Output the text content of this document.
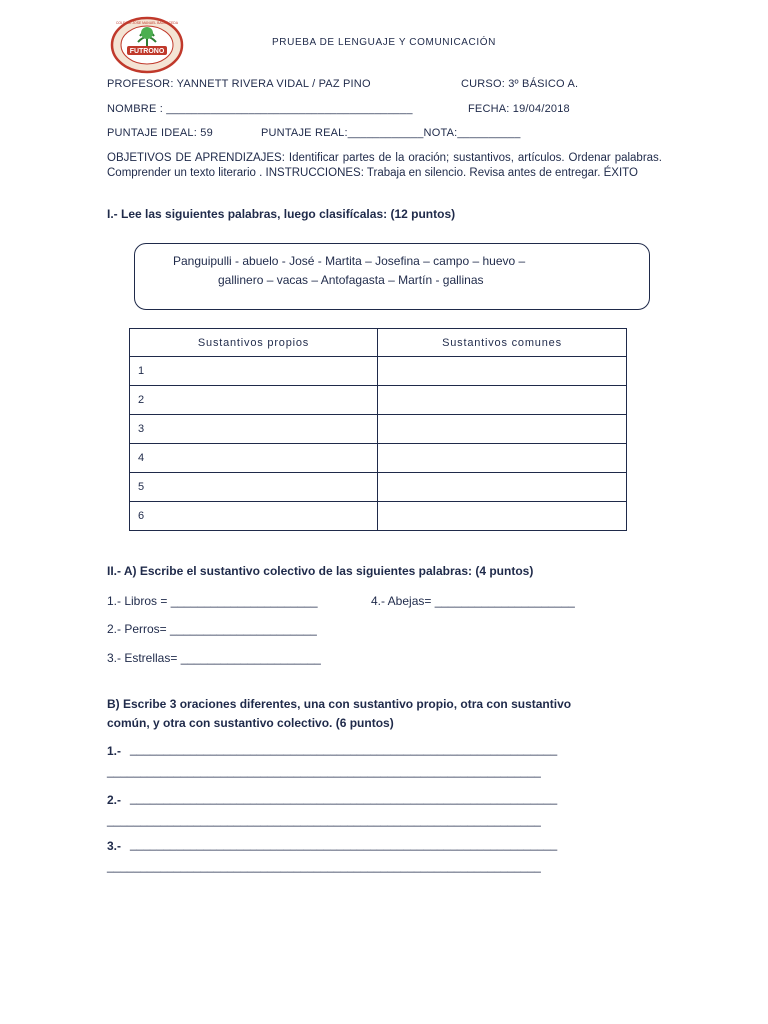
FUTRONO
COLEGIO JOSE MANUEL BALMACEDA
PRUEBA DE LENGUAJE Y COMUNICACIÓN
PROFESOR: YANNETT RIVERA VIDAL / PAZ PINO	CURSO: 3º BÁSICO A.
NOMBRE : _______________________________________	FECHA: 19/04/2018
PUNTAJE IDEAL: 59	PUNTAJE REAL:____________NOTA:__________
OBJETIVOS DE APRENDIZAJES: Identificar partes de la oración; sustantivos, artículos. Ordenar palabras. Comprender un texto literario . INSTRUCCIONES: Trabaja en silencio. Revisa antes de entregar. ÉXITO
I.- Lee las siguientes palabras, luego clasifícalas: (12 puntos)
Panguipulli - abuelo - José - Martita – Josefina – campo – huevo –
gallinero – vacas – Antofagasta – Martín - gallinas
Sustantivos propios	Sustantivos comunes
1	
2	
3	
4	
5	
6	
II.- A) Escribe el sustantivo colectivo de las siguientes palabras: (4 puntos)
1.- Libros = ______________________	4.- Abejas= _____________________
2.- Perros= ______________________
3.- Estrellas= _____________________
B) Escribe 3 oraciones diferentes, una con sustantivo propio, otra con sustantivo
común, y otra con sustantivo colectivo. (6 puntos)
1.- ________________________________________________________________
_________________________________________________________________
2.- ________________________________________________________________
_________________________________________________________________
3.- ________________________________________________________________
_________________________________________________________________
